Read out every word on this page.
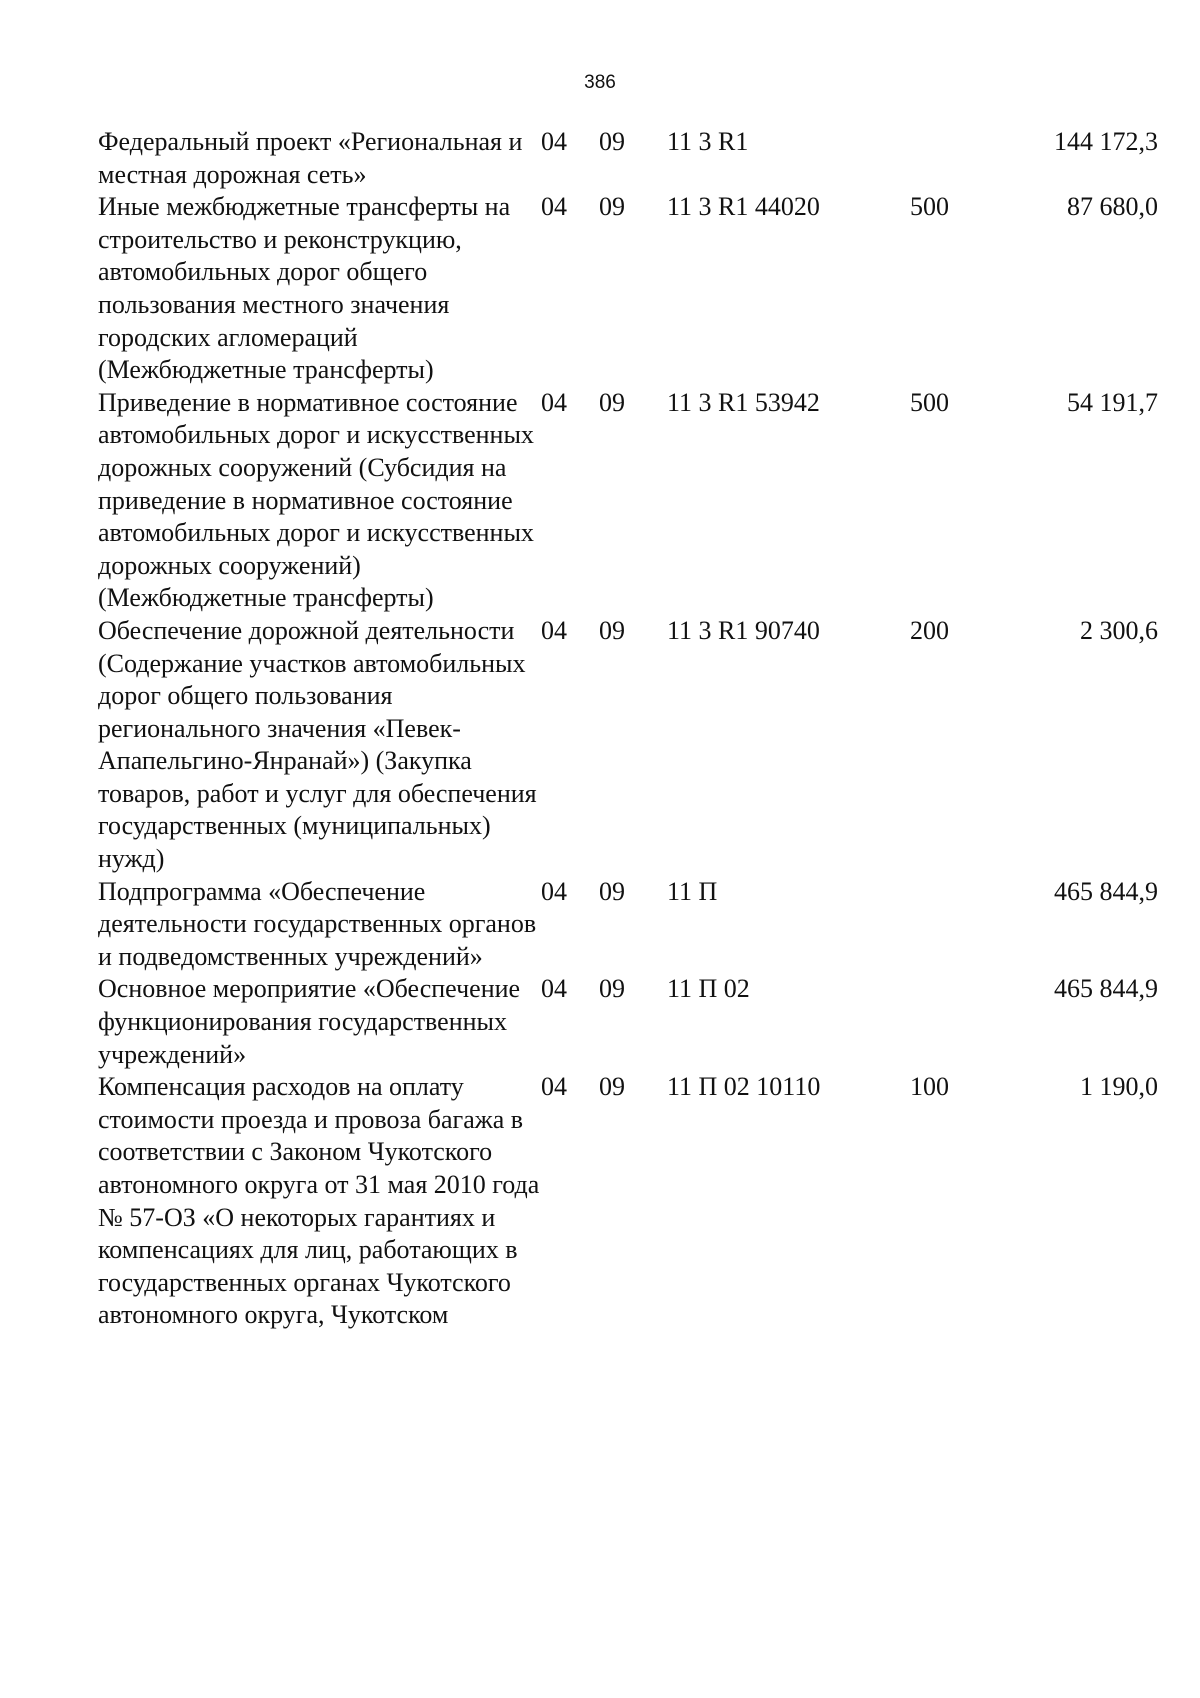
386
Федеральный проект «Региональная и местная дорожная сеть»	04	09	11 3 R1		144 172,3
Иные межбюджетные трансферты на строительство и реконструкцию, автомобильных дорог общего пользования местного значения городских агломераций (Межбюджетные трансферты)	04	09	11 3 R1 44020	500	87 680,0
Приведение в нормативное состояние автомобильных дорог и искусственных дорожных сооружений (Субсидия на приведение в нормативное состояние автомобильных дорог и искусственных дорожных сооружений) (Межбюджетные трансферты)	04	09	11 3 R1 53942	500	54 191,7
Обеспечение дорожной деятельности (Содержание участков автомобильных дорог общего пользования регионального значения «Певек-Апапельгино-Янранай») (Закупка товаров, работ и услуг для обеспечения государственных (муниципальных) нужд)	04	09	11 3 R1 90740	200	2 300,6
Подпрограмма «Обеспечение деятельности государственных органов и подведомственных учреждений»	04	09	11 П		465 844,9
Основное мероприятие «Обеспечение функционирования государственных учреждений»	04	09	11 П 02		465 844,9
Компенсация расходов на оплату стоимости проезда и провоза багажа в соответствии с Законом Чукотского автономного округа от 31 мая 2010 года № 57-ОЗ «О некоторых гарантиях и компенсациях для лиц, работающих в государственных органах Чукотского автономного округа, Чукотском	04	09	11 П 02 10110	100	1 190,0
